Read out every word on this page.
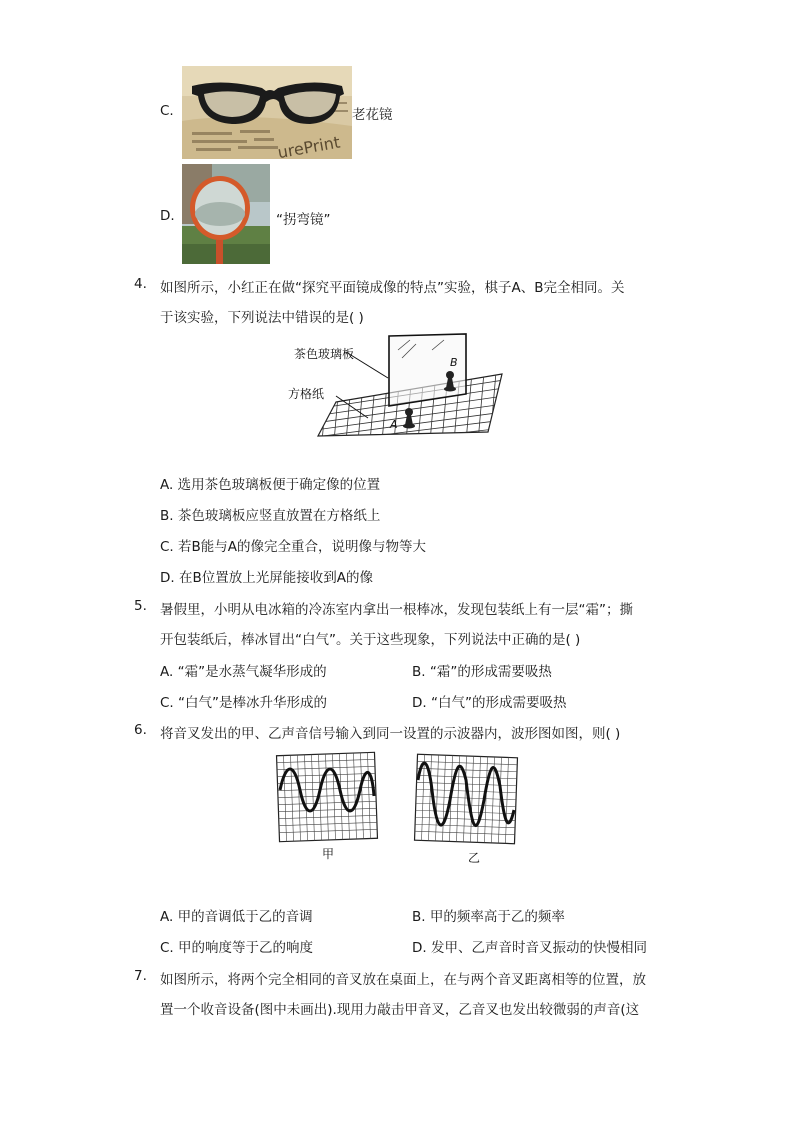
C.
urePrint
老花镜
D.	“拐弯镜”
4. 如图所示，小红正在做“探究平面镜成像的特点”实验，棋子A、B完全相同。关
于该实验，下列说法中错误的是( )
茶色玻璃板
方格纸
B
A
A. 选用茶色玻璃板便于确定像的位置
B. 茶色玻璃板应竖直放置在方格纸上
C. 若B能与A的像完全重合，说明像与物等大
D. 在B位置放上光屏能接收到A的像
5. 暑假里，小明从电冰箱的冷冻室内拿出一根棒冰，发现包装纸上有一层“霜”；撕
开包装纸后，棒冰冒出“白气”。关于这些现象，下列说法中正确的是( )
A. “霜”是水蒸气凝华形成的	B. “霜”的形成需要吸热
C. “白气”是棒冰升华形成的	D. “白气”的形成需要吸热
6. 将音叉发出的甲、乙声音信号输入到同一设置的示波器内，波形图如图，则( )
甲	乙
A. 甲的音调低于乙的音调	B. 甲的频率高于乙的频率
C. 甲的响度等于乙的响度	D. 发甲、乙声音时音叉振动的快慢相同
7. 如图所示，将两个完全相同的音叉放在桌面上，在与两个音叉距离相等的位置，放
置一个收音设备(图中未画出).现用力敲击甲音叉，乙音叉也发出较微弱的声音(这
